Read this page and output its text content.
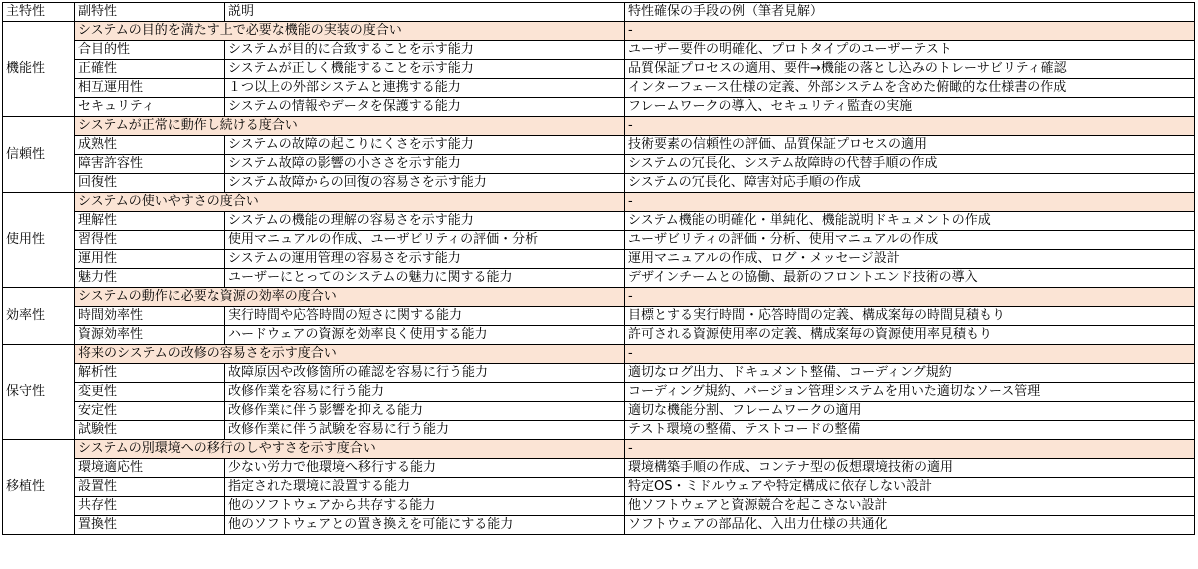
主特性	副特性	説明	特性確保の手段の例（筆者見解）
機能性	システムの目的を満たす上で必要な機能の実装の度合い		-
	合目的性	システムが目的に合致することを示す能力	ユーザー要件の明確化、プロトタイプのユーザーテスト
	正確性	システムが正しく機能することを示す能力	品質保証プロセスの適用、要件→機能の落とし込みのトレーサビリティ確認
	相互運用性	１つ以上の外部システムと連携する能力	インターフェース仕様の定義、外部システムを含めた俯瞰的な仕様書の作成
	セキュリティ	システムの情報やデータを保護する能力	フレームワークの導入、セキュリティ監査の実施
信頼性	システムが正常に動作し続ける度合い		-
	成熟性	システムの故障の起こりにくさを示す能力	技術要素の信頼性の評価、品質保証プロセスの適用
	障害許容性	システム故障の影響の小ささを示す能力	システムの冗長化、システム故障時の代替手順の作成
	回復性	システム故障からの回復の容易さを示す能力	システムの冗長化、障害対応手順の作成
使用性	システムの使いやすさの度合い		-
	理解性	システムの機能の理解の容易さを示す能力	システム機能の明確化・単純化、機能説明ドキュメントの作成
	習得性	使用マニュアルの作成、ユーザビリティの評価・分析	ユーザビリティの評価・分析、使用マニュアルの作成
	運用性	システムの運用管理の容易さを示す能力	運用マニュアルの作成、ログ・メッセージ設計
	魅力性	ユーザーにとってのシステムの魅力に関する能力	デザインチームとの協働、最新のフロントエンド技術の導入
効率性	システムの動作に必要な資源の効率の度合い		-
	時間効率性	実行時間や応答時間の短さに関する能力	目標とする実行時間・応答時間の定義、構成案毎の時間見積もり
	資源効率性	ハードウェアの資源を効率良く使用する能力	許可される資源使用率の定義、構成案毎の資源使用率見積もり
保守性	将来のシステムの改修の容易さを示す度合い		-
	解析性	故障原因や改修箇所の確認を容易に行う能力	適切なログ出力、ドキュメント整備、コーディング規約
	変更性	改修作業を容易に行う能力	コーディング規約、バージョン管理システムを用いた適切なソース管理
	安定性	改修作業に伴う影響を抑える能力	適切な機能分割、フレームワークの適用
	試験性	改修作業に伴う試験を容易に行う能力	テスト環境の整備、テストコードの整備
移植性	システムの別環境への移行のしやすさを示す度合い		-
	環境適応性	少ない労力で他環境へ移行する能力	環境構築手順の作成、コンテナ型の仮想環境技術の適用
	設置性	指定された環境に設置する能力	特定OS・ミドルウェアや特定構成に依存しない設計
	共存性	他のソフトウェアから共存する能力	他ソフトウェアと資源競合を起こさない設計
	置換性	他のソフトウェアとの置き換えを可能にする能力	ソフトウェアの部品化、入出力仕様の共通化
